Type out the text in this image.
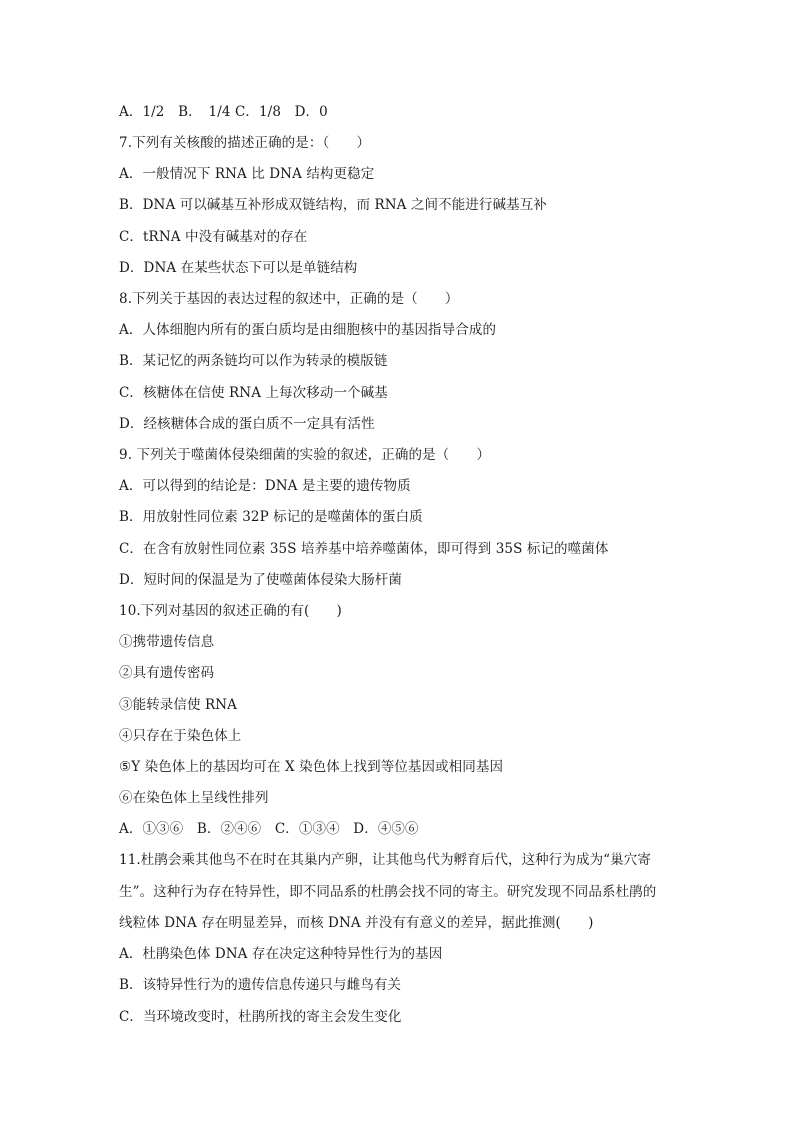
A．1/2　B．　1/4 C．1/8　D．0
7.下列有关核酸的描述正确的是：（　　）
A．一般情况下 RNA 比 DNA 结构更稳定
B．DNA 可以碱基互补形成双链结构，而 RNA 之间不能进行碱基互补
C．tRNA 中没有碱基对的存在
D．DNA 在某些状态下可以是单链结构
8.下列关于基因的表达过程的叙述中，正确的是（　　）
A．人体细胞内所有的蛋白质均是由细胞核中的基因指导合成的
B．某记忆的两条链均可以作为转录的模版链
C．核糖体在信使 RNA 上每次移动一个碱基
D．经核糖体合成的蛋白质不一定具有活性
9. 下列关于噬菌体侵染细菌的实验的叙述，正确的是（　　）
A．可以得到的结论是：DNA 是主要的遗传物质
B．用放射性同位素 32P 标记的是噬菌体的蛋白质
C．在含有放射性同位素 35S 培养基中培养噬菌体，即可得到 35S 标记的噬菌体
D．短时间的保温是为了使噬菌体侵染大肠杆菌
10.下列对基因的叙述正确的有(　　)
①携带遗传信息
②具有遗传密码
③能转录信使 RNA
④只存在于染色体上
⑤Y 染色体上的基因均可在 X 染色体上找到等位基因或相同基因
⑥在染色体上呈线性排列
A．①③⑥　B．②④⑥　C．①③④　D．④⑤⑥
11.杜鹃会乘其他鸟不在时在其巢内产卵，让其他鸟代为孵育后代，这种行为成为“巢穴寄
生”。这种行为存在特异性，即不同品系的杜鹃会找不同的寄主。研究发现不同品系杜鹃的
线粒体 DNA 存在明显差异，而核 DNA 并没有有意义的差异，据此推测(　　)
A．杜鹃染色体 DNA 存在决定这种特异性行为的基因
B．该特异性行为的遗传信息传递只与雌鸟有关
C．当环境改变时，杜鹃所找的寄主会发生变化
